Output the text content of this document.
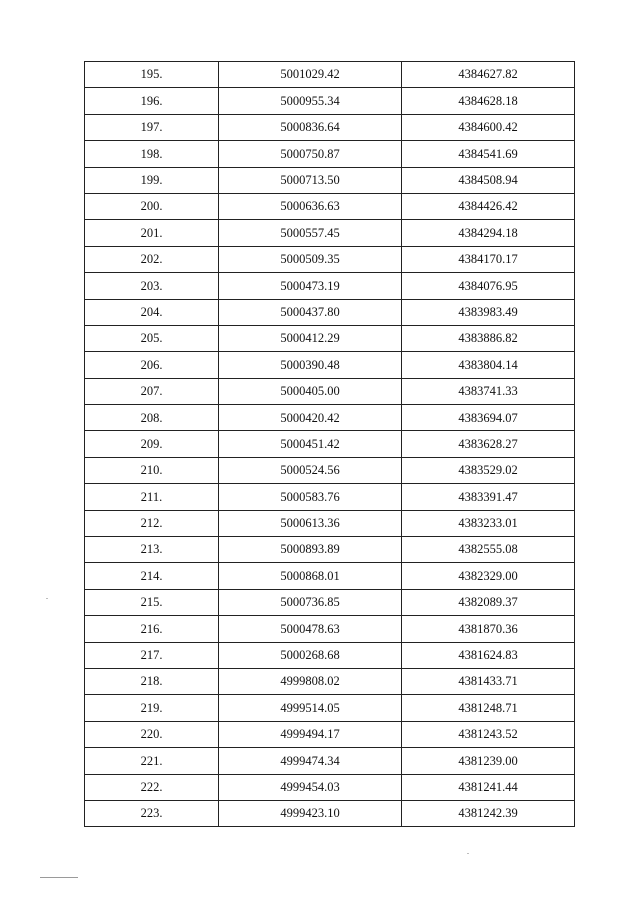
195.	5001029.42	4384627.82
196.	5000955.34	4384628.18
197.	5000836.64	4384600.42
198.	5000750.87	4384541.69
199.	5000713.50	4384508.94
200.	5000636.63	4384426.42
201.	5000557.45	4384294.18
202.	5000509.35	4384170.17
203.	5000473.19	4384076.95
204.	5000437.80	4383983.49
205.	5000412.29	4383886.82
206.	5000390.48	4383804.14
207.	5000405.00	4383741.33
208.	5000420.42	4383694.07
209.	5000451.42	4383628.27
210.	5000524.56	4383529.02
211.	5000583.76	4383391.47
212.	5000613.36	4383233.01
213.	5000893.89	4382555.08
214.	5000868.01	4382329.00
215.	5000736.85	4382089.37
216.	5000478.63	4381870.36
217.	5000268.68	4381624.83
218.	4999808.02	4381433.71
219.	4999514.05	4381248.71
220.	4999494.17	4381243.52
221.	4999474.34	4381239.00
222.	4999454.03	4381241.44
223.	4999423.10	4381242.39
